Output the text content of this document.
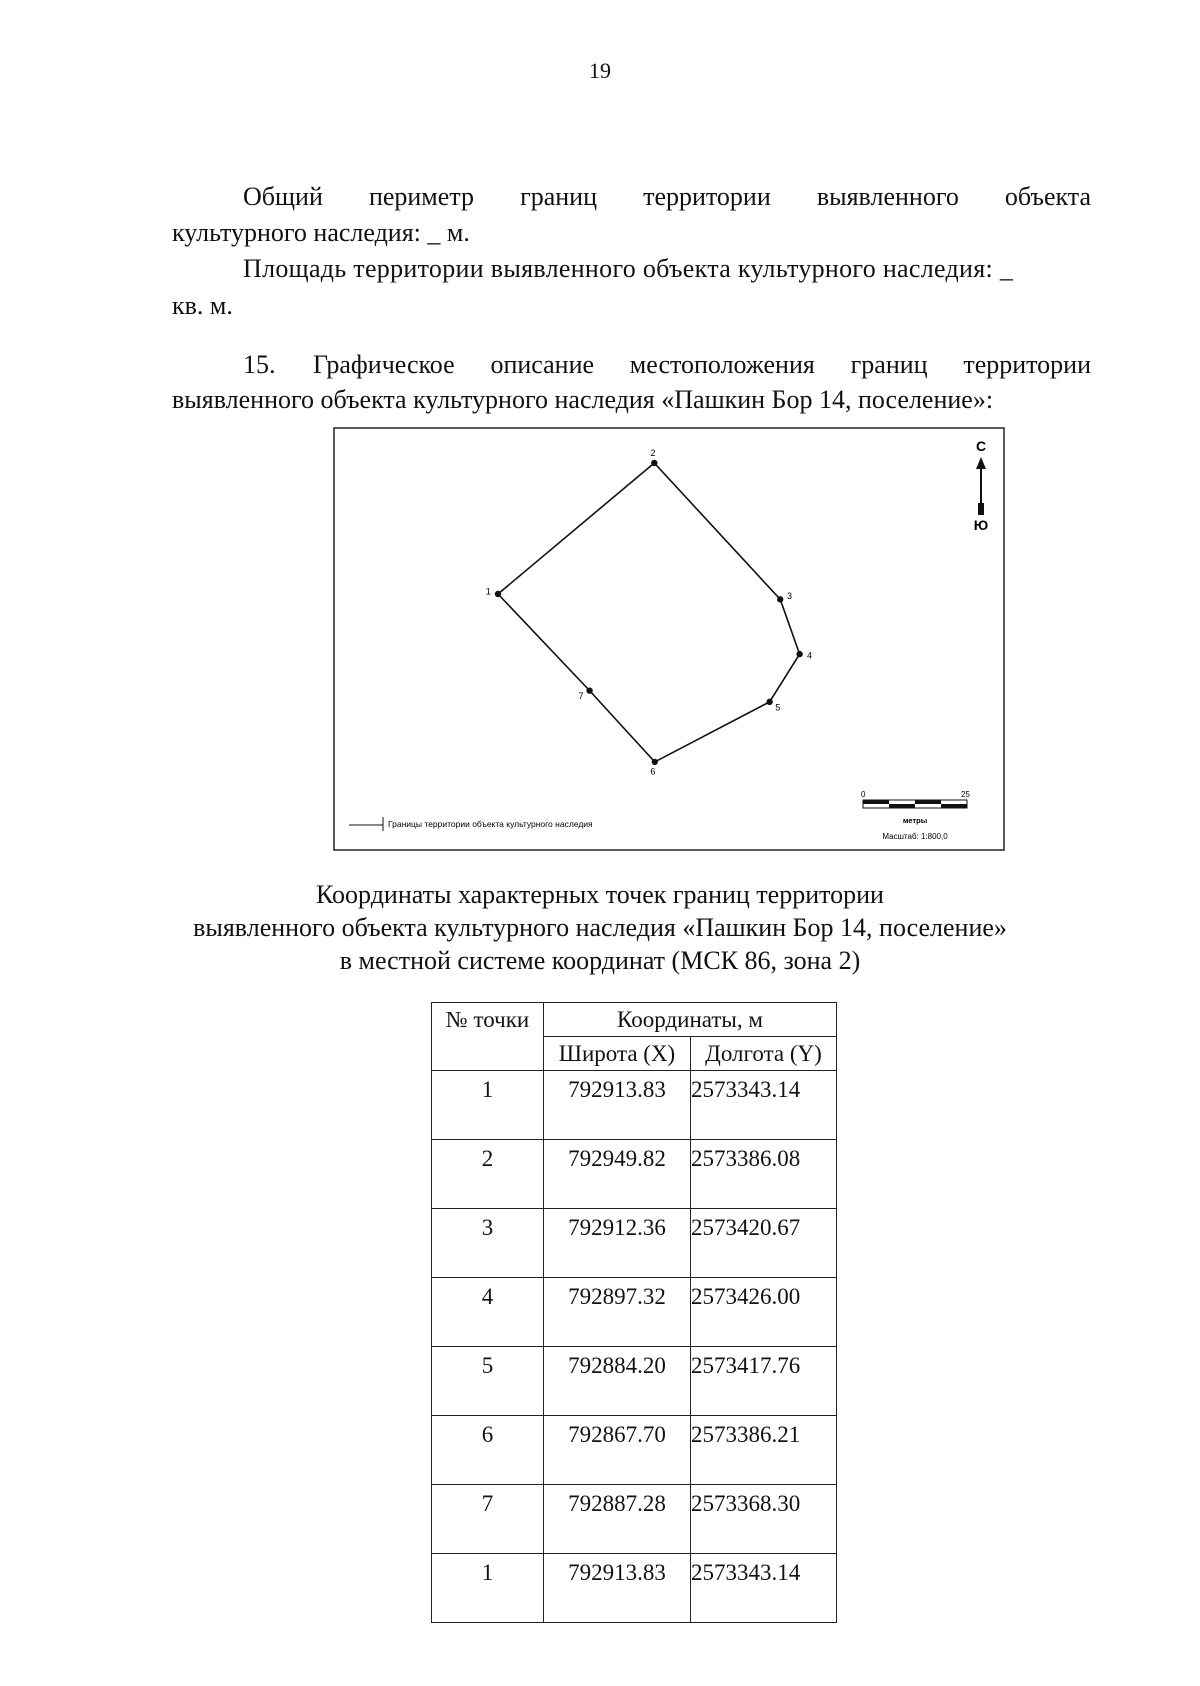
19
Общий периметр границ территории выявленного объекта
культурного наследия: _ м.
Площадь территории выявленного объекта культурного наследия: _
кв. м.
15. Графическое описание местоположения границ территории
выявленного объекта культурного наследия «Пашкин Бор 14, поселение»:
1
2
3
4
5
6
7
С
Ю
Границы территории объекта культурного наследия
0	25
метры
Масштаб: 1:800,0
Координаты характерных точек границ территории
выявленного объекта культурного наследия «Пашкин Бор 14, поселение»
в местной системе координат (МСК 86, зона 2)
№ точки	Координаты, м	
	Широта (X)	Долгота (Y)
1	792913.83	2573343.14
2	792949.82	2573386.08
3	792912.36	2573420.67
4	792897.32	2573426.00
5	792884.20	2573417.76
6	792867.70	2573386.21
7	792887.28	2573368.30
1	792913.83	2573343.14
